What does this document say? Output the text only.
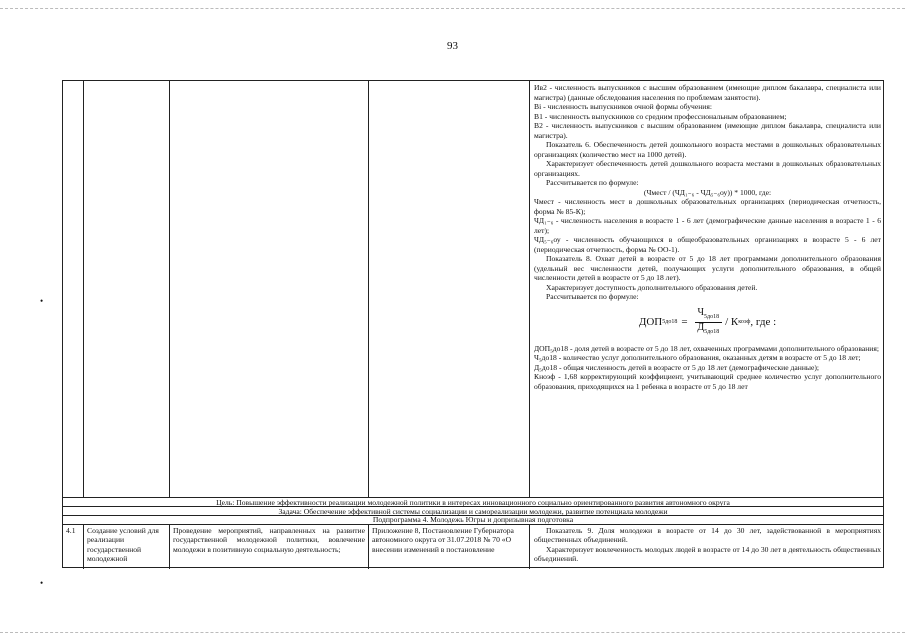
93
•
•

Ив2 - численность выпускников с высшим образованием (имеющие диплом бакалавра, специалиста или магистра) (данные обследования населения по проблемам занятости).

Вi - численность выпускников очной формы обучения:

В1 - численность выпускников со средним профессиональным образованием;

В2 - численность выпускников с высшим образованием (имеющие диплом бакалавра, специалиста или магистра).

Показатель 6. Обеспеченность детей дошкольного возраста местами в дошкольных образовательных организациях (количество мест на 1000 детей).

Характеризует обеспеченность детей дошкольного возраста местами в дошкольных образовательных организациях.

Рассчитывается по формуле:

(Чмест / (ЧД₁₋₆ - ЧД₅₋₆оу)) * 1000, где:

Чмест - численность мест в дошкольных образовательных организациях (периодическая отчетность, форма № 85-К);

ЧД₁₋₆ - численность населения в возрасте 1 - 6 лет (демографические данные населения в возрасте 1 - 6 лет);

ЧД₅₋₆оу - численность обучающихся в общеобразовательных организациях в возрасте 5 - 6 лет (периодическая отчетность, форма № ОО-1).

Показатель 8. Охват детей в возрасте от 5 до 18 лет программами дополнительного образования (удельный вес численности детей, получающих услуги дополнительного образования, в общей численности детей в возрасте от 5 до 18 лет).

Характеризует доступность дополнительного образования детей.

Рассчитывается по формуле:

ДОП $5до18 = \frac{Ч_{5до18}}{Д_{5до18}} / К$ коэф , где :

ДОП₅до18 - доля детей в возрасте от 5 до 18 лет, охваченных программами дополнительного образования;

Ч₅до18 - количество услуг дополнительного образования, оказанных детям в возрасте от 5 до 18 лет;

Д₅до18 - общая численность детей в возрасте от 5 до 18 лет (демографические данные);

Кноэф - 1,68 корректирующий коэффициент, учитывающий среднее количество услуг дополнительного образования, приходящихся на 1 ребенка в возрасте от 5 до 18 лет

Цель: Повышение эффективности реализации молодежной политики в интересах инновационного социально ориентированного развития автономного округа
Задача: Обеспечение эффективной системы социализации и самореализации молодежи, развитие потенциала молодежи
Подпрограмма 4. Молодежь Югры и допризывная подготовка
4.1	Создание условий для реализации государственной молодежной
Проведение мероприятий, направленных на развитие государственной молодежной политики, вовлечение молодежи в позитивную социальную деятельность;
Приложение 8, Постановление Губернатора автономного округа от 31.07.2018 № 70 «О внесении изменений в постановление
Показатель 9. Доля молодежи в возрасте от 14 до 30 лет, задействованной в мероприятиях общественных объединений.
Характеризует вовлеченность молодых людей в возрасте от 14 до 30 лет в деятельность общественных объединений.
